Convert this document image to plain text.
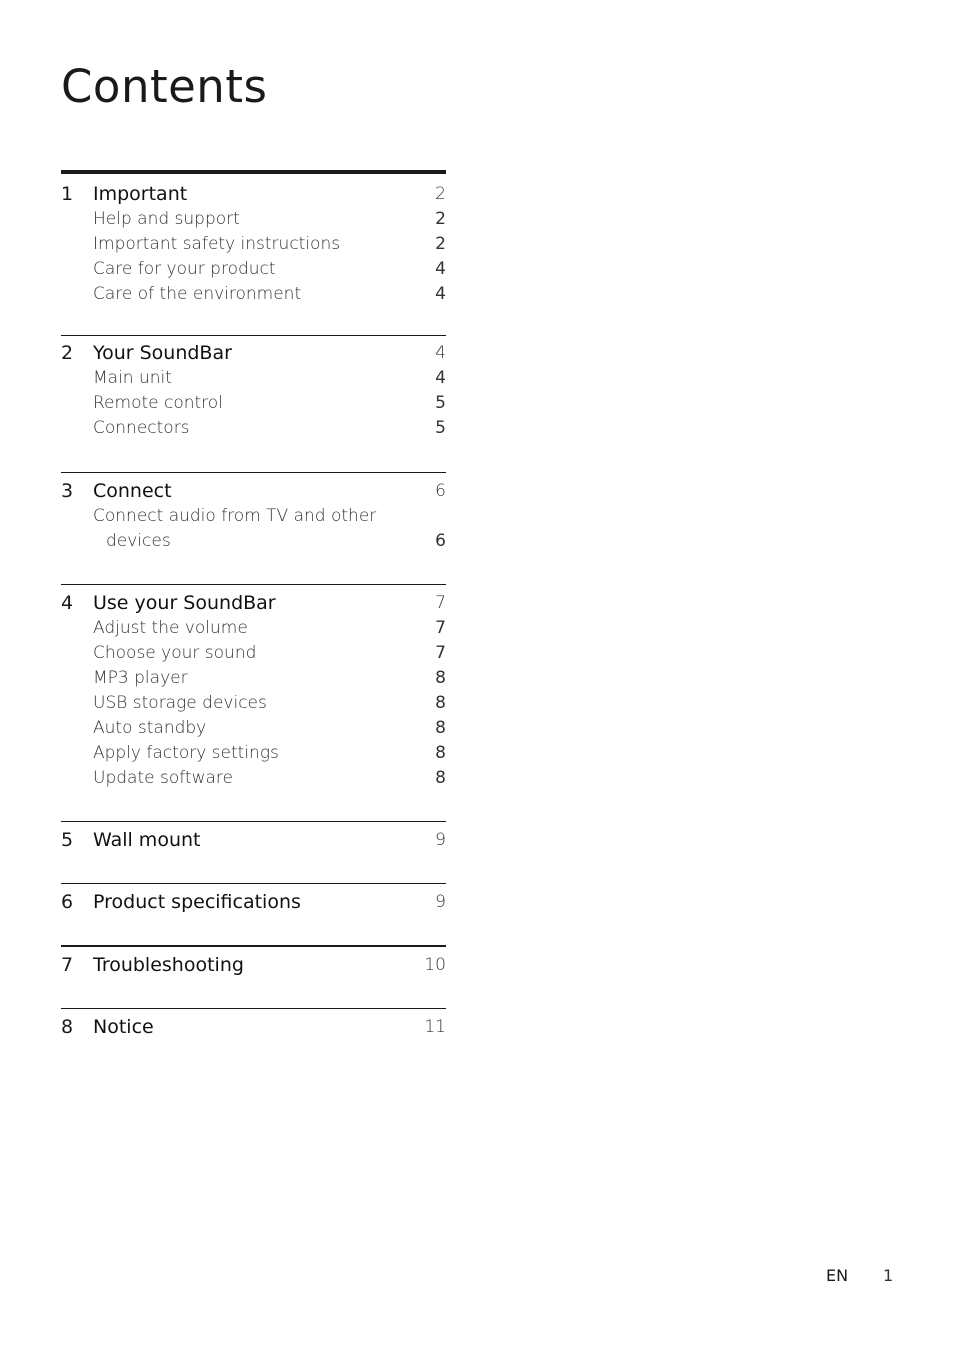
Contents
1 Important	2
Help and support	2
Important safety instructions	2
Care for your product	4
Care of the environment	4
2 Your SoundBar	4
Main unit	4
Remote control	5
Connectors	5
3 Connect	6
Connect audio from TV and other
devices	6
4 Use your SoundBar	7
Adjust the volume	7
Choose your sound	7
MP3 player	8
USB storage devices	8
Auto standby	8
Apply factory settings	8
Update software	8
5 Wall mount	9
6 Product specifications	9
7 Troubleshooting	10
8 Notice	11
EN 1
